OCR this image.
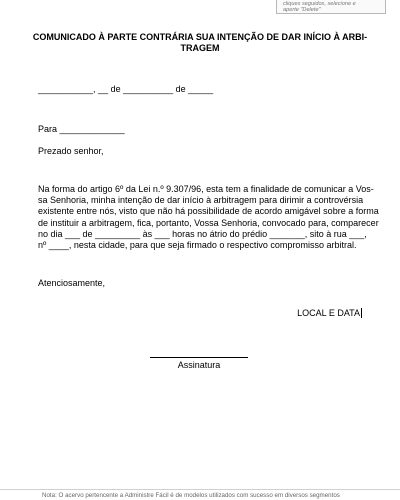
cliques seguidos, selecione e
aperte "Delete"
COMUNICADO À PARTE CONTRÁRIA SUA INTENÇÃO DE DAR INÍCIO À ARBI-
TRAGEM
___________, __ de __________ de _____
Para _____________
Prezado senhor,
Na forma do artigo 6º da Lei n.º 9.307/96, esta tem a finalidade de comunicar a Vos-
sa Senhoria, minha intenção de dar início à arbitragem para dirimir a controvérsia
existente entre nós, visto que não há possibilidade de acordo amigável sobre a forma
de instituir a arbitragem, fica, portanto, Vossa Senhoria, convocado para, comparecer
no dia ___ de _________ às ___ horas no átrio do prédio _______, sito à rua ___,
nº ____, nesta cidade, para que seja firmado o respectivo compromisso arbitral.
Atenciosamente,
LOCAL E DATA
Assinatura
Nota: O acervo pertencente a Administre Fácil é de modelos utilizados com sucesso em diversos segmentos
